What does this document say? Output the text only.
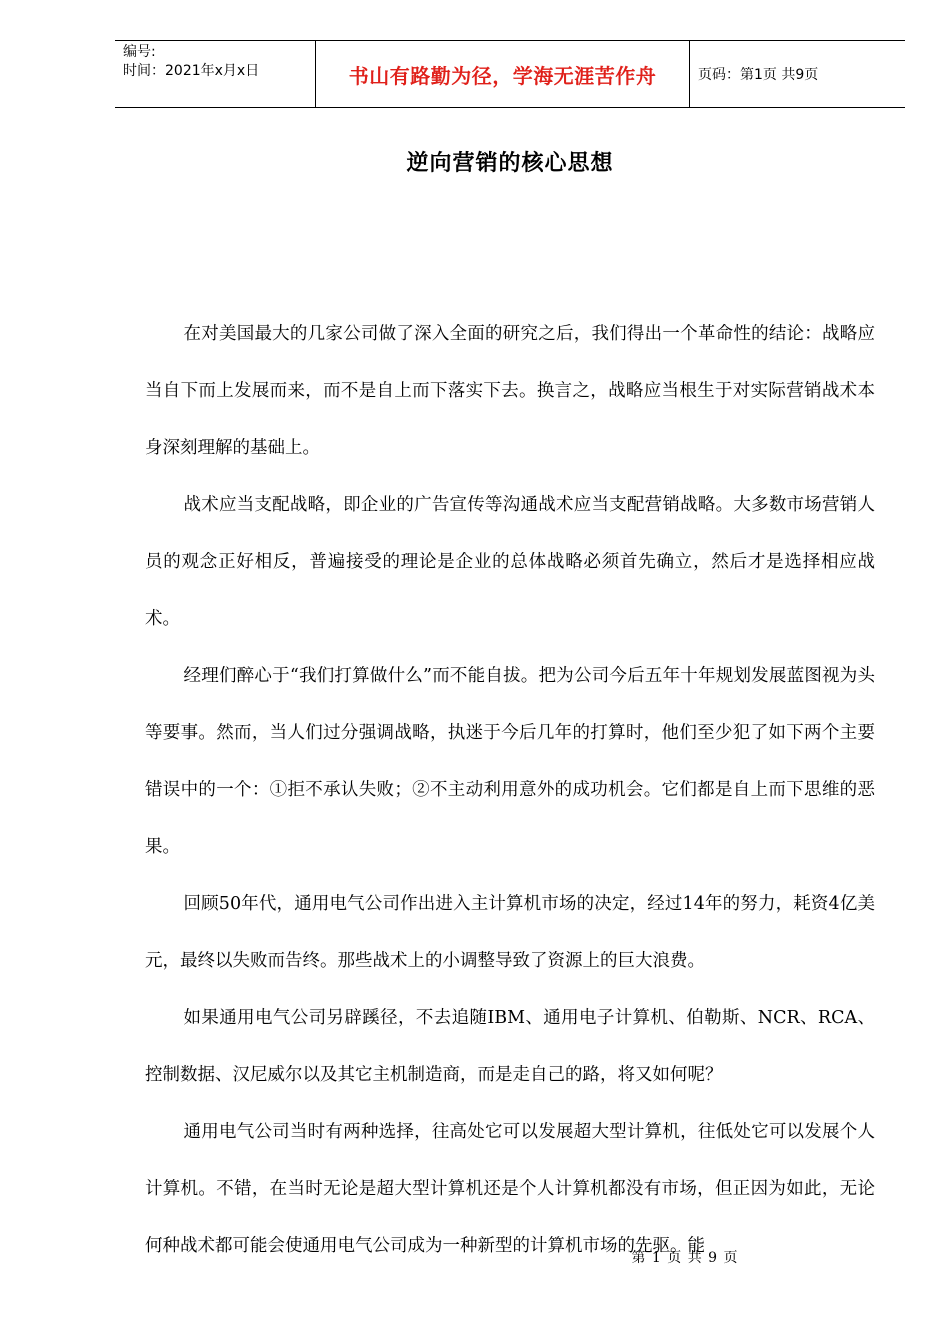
编号:
时间：2021年x月x日	书山有路勤为径，学海无涯苦作舟	页码：第1页 共9页
逆向营销的核心思想

在对美国最大的几家公司做了深入全面的研究之后，我们得出一个革命性的结论：战略应当自下而上发展而来，而不是自上而下落实下去。换言之，战略应当根生于对实际营销战术本身深刻理解的基础上。

战术应当支配战略，即企业的广告宣传等沟通战术应当支配营销战略。大多数市场营销人员的观念正好相反，普遍接受的理论是企业的总体战略必须首先确立，然后才是选择相应战术。

经理们醉心于“我们打算做什么”而不能自拔。把为公司今后五年十年规划发展蓝图视为头等要事。然而，当人们过分强调战略，执迷于今后几年的打算时，他们至少犯了如下两个主要错误中的一个：①拒不承认失败；②不主动利用意外的成功机会。它们都是自上而下思维的恶果。

回顾50年代，通用电气公司作出进入主计算机市场的决定，经过14年的努力，耗资4亿美元，最终以失败而告终。那些战术上的小调整导致了资源上的巨大浪费。

如果通用电气公司另辟蹊径，不去追随IBM、通用电子计算机、伯勒斯、NCR、RCA、控制数据、汉尼威尔以及其它主机制造商，而是走自己的路，将又如何呢？

通用电气公司当时有两种选择，往高处它可以发展超大型计算机，往低处它可以发展个人计算机。不错，在当时无论是超大型计算机还是个人计算机都没有市场，但正因为如此，无论何种战术都可能会使通用电气公司成为一种新型的计算机市场的先驱。能

第 1 页 共 9 页
